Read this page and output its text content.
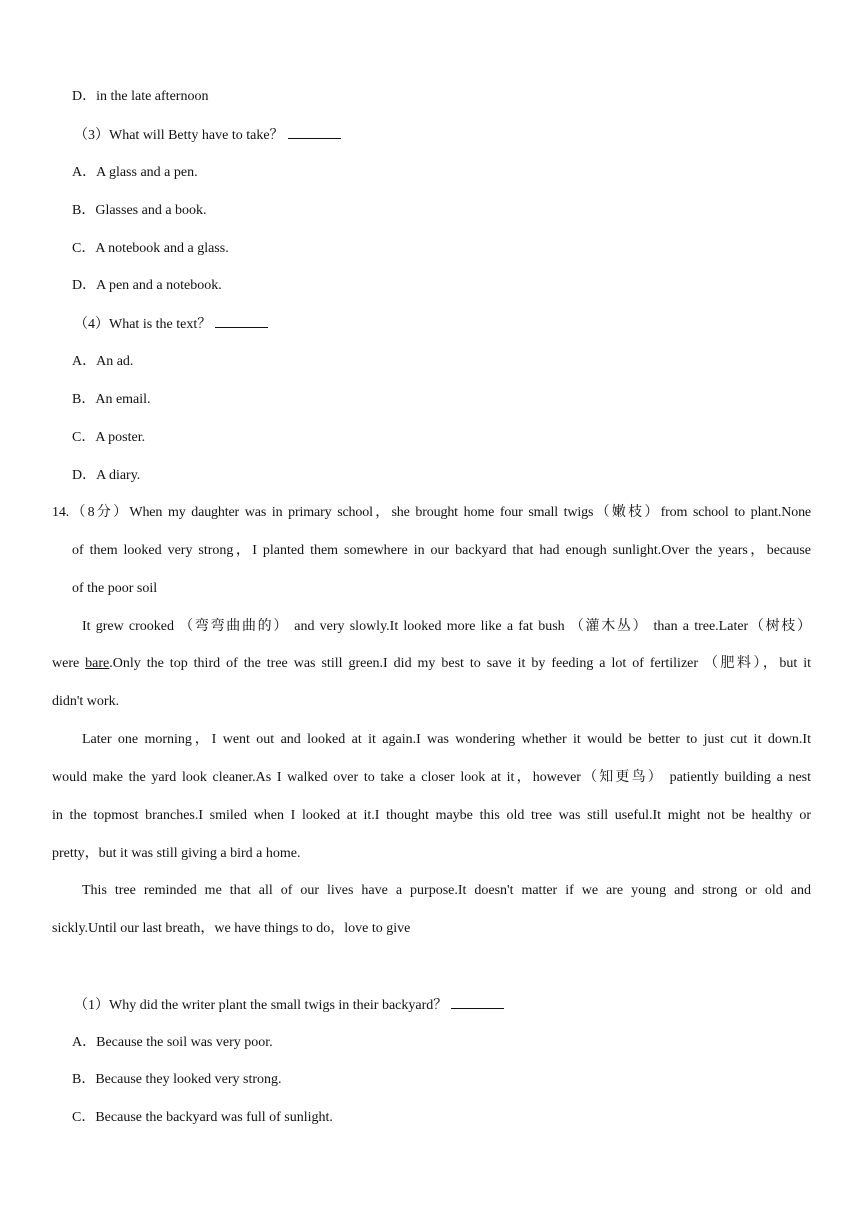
D．in the late afternoon
（3）What will Betty have to take？
A．A glass and a pen.
B．Glasses and a book.
C．A notebook and a glass.
D．A pen and a notebook.
（4）What is the text？
A．An ad.
B．An email.
C．A poster.
D．A diary.
14.（8分）When my daughter was in primary school，she brought home four small twigs（嫩枝）from school to plant.None
of them looked very strong，I planted them somewhere in our backyard that had enough sunlight.Over the years，because
of the poor soil
It grew crooked （弯弯曲曲的） and very slowly.It looked more like a fat bush （灌木丛） than a tree.Later（树枝）
were bare.Only the top third of the tree was still green.I did my best to save it by feeding a lot of fertilizer （肥料），but it
didn't work.
Later one morning，I went out and looked at it again.I was wondering whether it would be better to just cut it down.It
would make the yard look cleaner.As I walked over to take a closer look at it，however（知更鸟） patiently building a nest
in the topmost branches.I smiled when I looked at it.I thought maybe this old tree was still useful.It might not be healthy or
pretty，but it was still giving a bird a home.
This tree reminded me that all of our lives have a purpose.It doesn't matter if we are young and strong or old and
sickly.Until our last breath，we have things to do，love to give
（1）Why did the writer plant the small twigs in their backyard？
A．Because the soil was very poor.
B．Because they looked very strong.
C．Because the backyard was full of sunlight.
